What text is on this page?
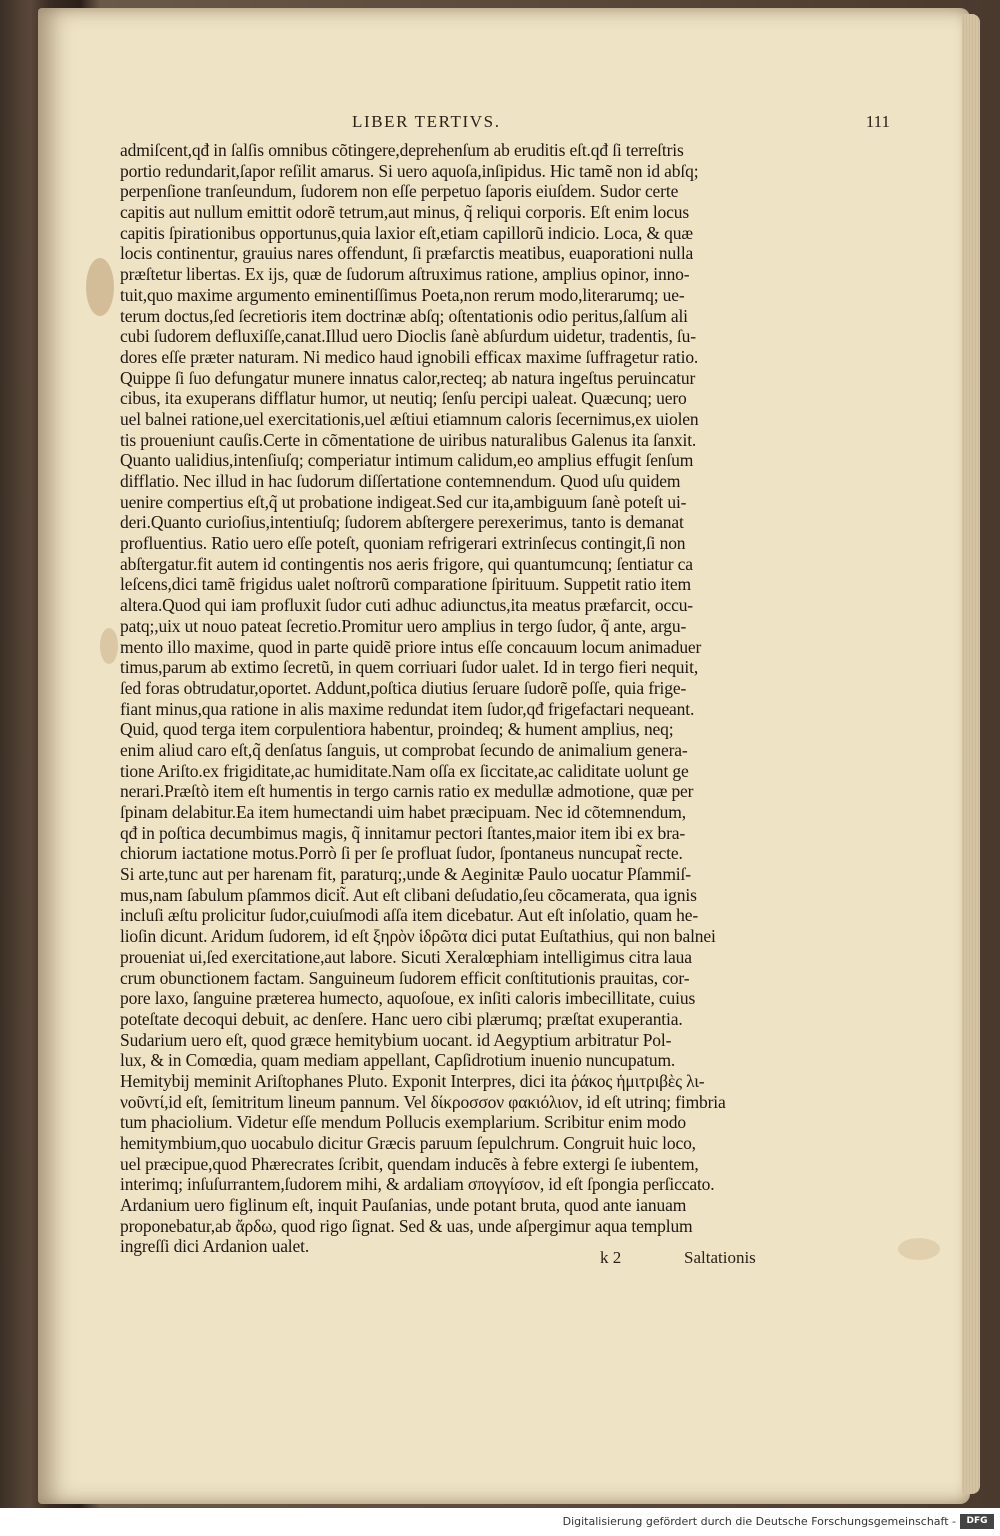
LIBER TERTIVS.	111
admiſcent,qđ in ſalſis omnibus cõtingere,deprehenſum ab eruditis eſt.qđ ſi terreſtris
portio redundarit,ſapor reſilit amarus. Si uero aquoſa,inſipidus. Hic tamẽ non id abſq;
perpenſione tranſeundum, ſudorem non eſſe perpetuo ſaporis eiuſdem. Sudor certe
capitis aut nullum emittit odorẽ tetrum,aut minus, q̃ reliqui corporis. Eſt enim locus
capitis ſpirationibus opportunus,quia laxior eſt,etiam capillorũ indicio. Loca, & quæ
locis continentur, grauius nares offendunt, ſi præfarctis meatibus, euaporationi nulla
præſtetur libertas. Ex ijs, quæ de ſudorum aſtruximus ratione, amplius opinor, inno-
tuit,quo maxime argumento eminentiſſimus Poeta,non rerum modo,literarumq; ue-
terum doctus,ſed ſecretioris item doctrinæ abſq; oſtentationis odio peritus,ſalſum ali
cubi ſudorem defluxiſſe,canat.Illud uero Dioclis ſanè abſurdum uidetur, tradentis, ſu-
dores eſſe præter naturam. Ni medico haud ignobili efficax maxime ſuffragetur ratio.
Quippe ſi ſuo defungatur munere innatus calor,recteq; ab natura ingeſtus peruincatur
cibus, ita exuperans difflatur humor, ut neutiq; ſenſu percipi ualeat. Quæcunq; uero
uel balnei ratione,uel exercitationis,uel æſtiui etiamnum caloris ſecernimus,ex uiolen
tis proueniunt cauſis.Certe in cõmentatione de uiribus naturalibus Galenus ita ſanxit.
Quanto ualidius,intenſiuſq; comperiatur intimum calidum,eo amplius effugit ſenſum
difflatio. Nec illud in hac ſudorum diſſertatione contemnendum. Quod uſu quidem
uenire compertius eſt,q̃ ut probatione indigeat.Sed cur ita,ambiguum ſanè poteſt ui-
deri.Quanto curioſius,intentiuſq; ſudorem abſtergere perexerimus, tanto is demanat
profluentius. Ratio uero eſſe poteſt, quoniam refrigerari extrinſecus contingit,ſi non
abſtergatur.fit autem id contingentis nos aeris frigore, qui quantumcunq; ſentiatur ca
leſcens,dici tamẽ frigidus ualet noſtrorũ comparatione ſpirituum. Suppetit ratio item
altera.Quod qui iam profluxit ſudor cuti adhuc adiunctus,ita meatus præfarcit, occu-
patq;,uix ut nouo pateat ſecretio.Promitur uero amplius in tergo ſudor, q̃ ante, argu-
mento illo maxime, quod in parte quidẽ priore intus eſſe concauum locum animaduer
timus,parum ab extimo ſecretũ, in quem corriuari ſudor ualet. Id in tergo fieri nequit,
ſed foras obtrudatur,oportet. Addunt,poſtica diutius ſeruare ſudorẽ poſſe, quia frige-
fiant minus,qua ratione in alis maxime redundat item ſudor,qđ frigefactari nequeant.
Quid, quod terga item corpulentiora habentur, proindeq; & hument amplius, neq;
enim aliud caro eſt,q̃ denſatus ſanguis, ut comprobat ſecundo de animalium genera-
tione Ariſto.ex frigiditate,ac humiditate.Nam oſſa ex ſiccitate,ac caliditate uolunt ge
nerari.Præſtò item eſt humentis in tergo carnis ratio ex medullæ admotione, quæ per
ſpinam delabitur.Ea item humectandi uim habet præcipuam. Nec id cõtemnendum,
qđ in poſtica decumbimus magis, q̃ innitamur pectori ſtantes,maior item ibi ex bra-
chiorum iactatione motus.Porrò ſi per ſe profluat ſudor, ſpontaneus nuncupat̃ recte.
Si arte,tunc aut per harenam fit, paraturq;,unde & Aeginitæ Paulo uocatur Pſammiſ-
mus,nam ſabulum pſammos dicit̃. Aut eſt clibani deſudatio,ſeu cõcamerata, qua ignis
incluſi æſtu prolicitur ſudor,cuiuſmodi aſſa item dicebatur. Aut eſt inſolatio, quam he-
lioſin dicunt. Aridum ſudorem, id eſt ξηρὸν ἱδρῶτα dici putat Euſtathius, qui non balnei
proueniat ui,ſed exercitatione,aut labore. Sicuti Xeralœphiam intelligimus citra laua
crum obunctionem factam. Sanguineum ſudorem efficit conſtitutionis prauitas, cor-
pore laxo, ſanguine præterea humecto, aquoſoue, ex inſiti caloris imbecillitate, cuius
poteſtate decoqui debuit, ac denſere. Hanc uero cibi plærumq; præſtat exuperantia.
Sudarium uero eſt, quod græce hemitybium uocant. id Aegyptium arbitratur Pol-
lux, & in Comœdia, quam mediam appellant, Capſidrotium inuenio nuncupatum.
Hemitybij meminit Ariſtophanes Pluto. Exponit Interpres, dici ita ῥάκος ἡμιτριβὲς λι-
νοῦντί,id eſt, ſemitritum lineum pannum. Vel δίκροσσον φακιόλιον, id eſt utrinq; fimbria
tum phaciolium. Videtur eſſe mendum Pollucis exemplarium. Scribitur enim modo
hemitymbium,quo uocabulo dicitur Græcis paruum ſepulchrum. Congruit huic loco,
uel præcipue,quod Phærecrates ſcribit, quendam inducẽs à febre extergi ſe iubentem,
interimq; inſuſurrantem,ſudorem mihi, & ardaliam σπογγίσον, id eſt ſpongia perſiccato.
Ardanium uero figlinum eſt, inquit Pauſanias, unde potant bruta, quod ante ianuam
proponebatur,ab ἄρδω, quod rigo ſignat. Sed & uas, unde aſpergimur aqua templum
ingreſſi dici Ardanion ualet.
k 2	Saltationis
Digitalisierung gefördert durch die Deutsche Forschungsgemeinschaft -	DFG
